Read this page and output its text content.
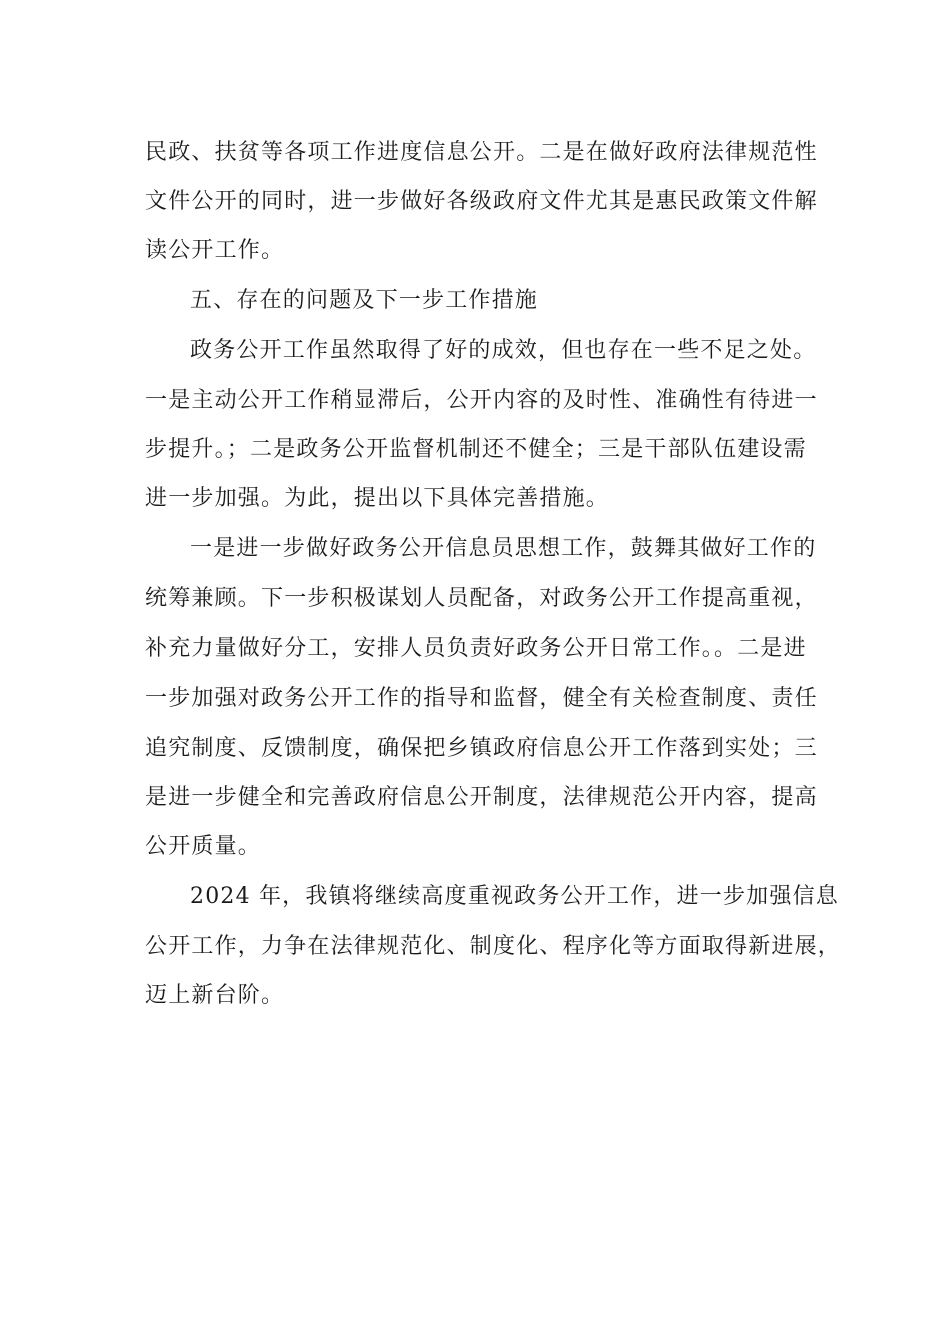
民政、扶贫等各项工作进度信息公开。二是在做好政府法律规范性
文件公开的同时，进一步做好各级政府文件尤其是惠民政策文件解
读公开工作。
五、存在的问题及下一步工作措施
政务公开工作虽然取得了好的成效，但也存在一些不足之处。
一是主动公开工作稍显滞后，公开内容的及时性、准确性有待进一
步提升。；二是政务公开监督机制还不健全；三是干部队伍建设需
进一步加强。为此，提出以下具体完善措施。
一是进一步做好政务公开信息员思想工作，鼓舞其做好工作的
统筹兼顾。下一步积极谋划人员配备，对政务公开工作提高重视，
补充力量做好分工，安排人员负责好政务公开日常工作。。二是进
一步加强对政务公开工作的指导和监督，健全有关检查制度、责任
追究制度、反馈制度，确保把乡镇政府信息公开工作落到实处；三
是进一步健全和完善政府信息公开制度，法律规范公开内容，提高
公开质量。
2024 年，我镇将继续高度重视政务公开工作，进一步加强信息
公开工作，力争在法律规范化、制度化、程序化等方面取得新进展，
迈上新台阶。
